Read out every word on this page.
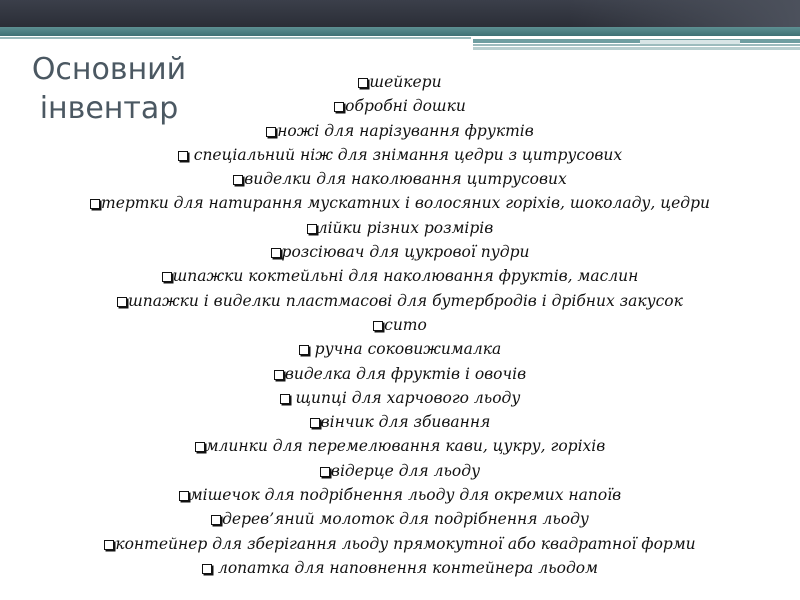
Основний
інвентар
шейкери
обробні дошки
ножі для нарізування фруктів
спеціальний ніж для знімання цедри з цитрусових
виделки для наколювання цитрусових
тертки для натирання мускатних і волосяних горіхів, шоколаду, цедри
лійки різних розмірів
розсіювач для цукрової пудри
шпажки коктейльні для наколювання фруктів, маслин
шпажки і виделки пластмасові для бутербродів і дрібних закусок
сито
ручна соковижималка
виделка для фруктів і овочів
щипці для харчового льоду
вінчик для збивання
млинки для перемелювання кави, цукру, горіхів
відерце для льоду
мішечок для подрібнення льоду для окремих напоїв
дерев’яний молоток для подрібнення льоду
контейнер для зберігання льоду прямокутної або квадратної форми
лопатка для наповнення контейнера льодом
